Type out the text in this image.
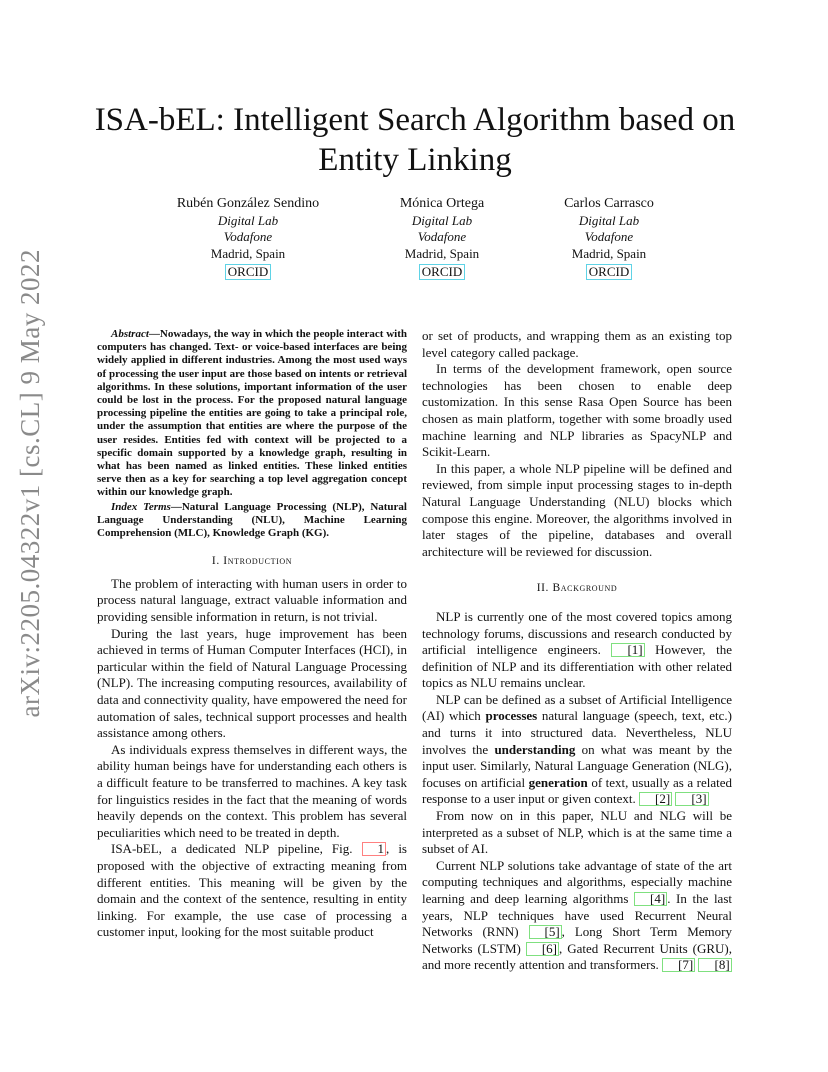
arXiv:2205.04322v1 [cs.CL] 9 May 2022
ISA-bEL: Intelligent Search Algorithm based on Entity Linking
Rubén González Sendino
Digital Lab
Vodafone
Madrid, Spain
ORCID
Mónica Ortega
Digital Lab
Vodafone
Madrid, Spain
ORCID
Carlos Carrasco
Digital Lab
Vodafone
Madrid, Spain
ORCID

Abstract—Nowadays, the way in which the people interact with computers has changed. Text- or voice-based interfaces are being widely applied in different industries. Among the most used ways of processing the user input are those based on intents or retrieval algorithms. In these solutions, important information of the user could be lost in the process. For the proposed natural language processing pipeline the entities are going to take a principal role, under the assumption that entities are where the purpose of the user resides. Entities fed with context will be projected to a specific domain supported by a knowledge graph, resulting in what has been named as linked entities. These linked entities serve then as a key for searching a top level aggregation concept within our knowledge graph.

Index Terms—Natural Language Processing (NLP), Natural Language Understanding (NLU), Machine Learning Comprehension (MLC), Knowledge Graph (KG).

I. Introduction

The problem of interacting with human users in order to process natural language, extract valuable information and providing sensible information in return, is not trivial.

During the last years, huge improvement has been achieved in terms of Human Computer Interfaces (HCI), in particular within the field of Natural Language Processing (NLP). The increasing computing resources, availability of data and connectivity quality, have empowered the need for automation of sales, technical support processes and health assistance among others.

As individuals express themselves in different ways, the ability human beings have for understanding each others is a difficult feature to be transferred to machines. A key task for linguistics resides in the fact that the meaning of words heavily depends on the context. This problem has several peculiarities which need to be treated in depth.

ISA-bEL, a dedicated NLP pipeline, Fig. 1 , is proposed with the objective of extracting meaning from different entities. This meaning will be given by the domain and the context of the sentence, resulting in entity linking. For example, the use case of processing a customer input, looking for the most suitable product

or set of products, and wrapping them as an existing top level category called package.

In terms of the development framework, open source technologies has been chosen to enable deep customization. In this sense Rasa Open Source has been chosen as main platform, together with some broadly used machine learning and NLP libraries as SpacyNLP and Scikit-Learn.

In this paper, a whole NLP pipeline will be defined and reviewed, from simple input processing stages to in-depth Natural Language Understanding (NLU) blocks which compose this engine. Moreover, the algorithms involved in later stages of the pipeline, databases and overall architecture will be reviewed for discussion.

II. Background

NLP is currently one of the most covered topics among technology forums, discussions and research conducted by artificial intelligence engineers. [1] However, the definition of NLP and its differentiation with other related topics as NLU remains unclear.

NLP can be defined as a subset of Artificial Intelligence (AI) which processes natural language (speech, text, etc.) and turns it into structured data. Nevertheless, NLU involves the understanding on what was meant by the input user. Similarly, Natural Language Generation (NLG), focuses on artificial generation of text, usually as a related response to a user input or given context. [2] [3]

From now on in this paper, NLU and NLG will be interpreted as a subset of NLP, which is at the same time a subset of AI.

Current NLP solutions take advantage of state of the art computing techniques and algorithms, especially machine learning and deep learning algorithms [4] . In the last years, NLP techniques have used Recurrent Neural Networks (RNN) [5] , Long Short Term Memory Networks (LSTM) [6] , Gated Recurrent Units (GRU), and more recently attention and transformers. [7] [8]
